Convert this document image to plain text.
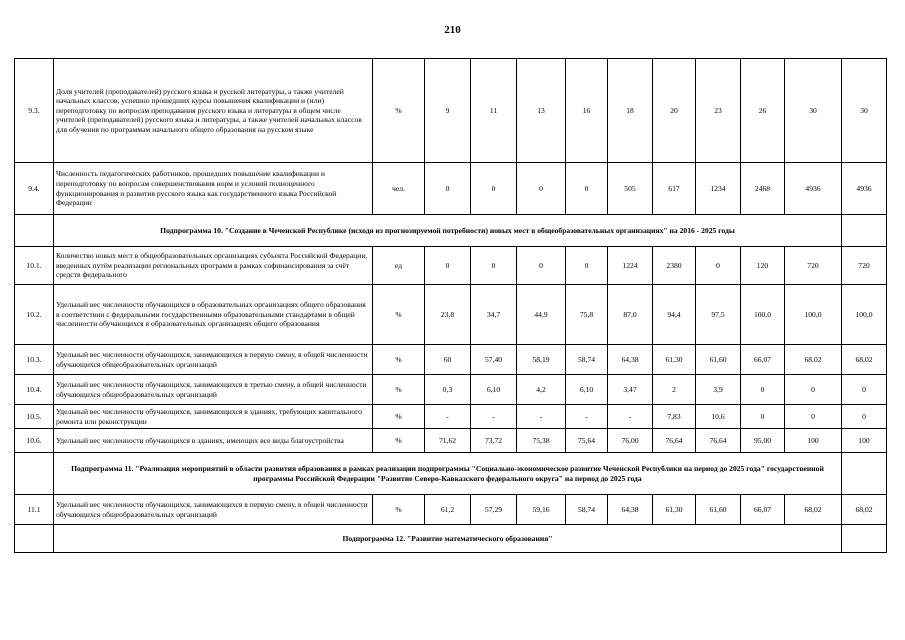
210
9.3.	Доля учителей (преподавателей) русского языка и русской литературы, а также учителей начальных классов, успешно прошедших курсы повышения квалификации и (или) переподготовку по вопросам преподавания русского языка и литературы в общем числе учителей (преподавателей) русского языка и литературы, а также учителей начальных классов для обучения по программам начального общего образования на русском языке	%	9	11	13	16	18	20	23	26	30	30
9.4.	Численность педагогических работников, прошедших повышение квалификации и переподготовку по вопросам совершенствования норм и условий полноценного функционирования и развития русского языка как государственного языка Российской Федерации	чел.	0	0	0	0	505	617	1234	2468	4936	4936
	Подпрограмма 10. "Создание в Чеченской Республике (исходя из прогнозируемой потребности) новых мест в общеобразовательных организациях" на 2016 - 2025 годы											
10.1.	Количество новых мест в общеобразовательных организациях субъекта Российской Федерации, введенных путём реализации региональных программ в рамках софинансирования за счёт средств федерального	ед	0	0	0	0	1224	2380	0	120	720	720
10.2.	Удельный вес численности обучающихся в образовательных организациях общего образования в соответствии с федеральными государственными образовательными стандартами в общей численности обучающихся в образовательных организациях общего образования	%	23,8	34,7	44,9	75,8	87,0	94,4	97,5	100,0	100,0	100,0
10.3.	Удельный вес численности обучающихся, занимающихся в первую смену, в общей численности обучающихся общеобразовательных организаций	%	60	57,40	58,19	58,74	64,38	61,30	61,60	66,07	68,02	68,02
10.4.	Удельный вес численности обучающихся, занимающихся в третью смену, в общей численности обучающихся общеобразовательных организаций	%	0,3	6,10	4,2	6,10	3,47	2	3,9	0	0	0
10.5.	Удельный вес численности обучающихся, занимающихся в зданиях, требующих капитального ремонта или реконструкции	%	-	-	-	-	-	7,83	10,6	0	0	0
10.6.	Удельный вес численности обучающихся в зданиях, имеющих все виды благоустройства	%	71,62	73,72	75,38	75,64	76,00	76,64	76,64	95,00	100	100
	Подпрограмма 11. "Реализация мероприятий в области развития образования в рамках реализации подпрограммы "Социально-экономическое развитие Чеченской Республики на период до 2025 года" государственной программы Российской Федерации "Развитие Северо-Кавказского федерального округа" на период до 2025 года											
11.1	Удельный вес численности обучающихся, занимающихся в первую смену, в общей численности обучающихся общеобразовательных организаций	%	61,2	57,29	59,16	58,74	64,38	61,30	61,60	66,07	68,02	68,02
	Подпрограмма 12. "Развитие математического образования"											
